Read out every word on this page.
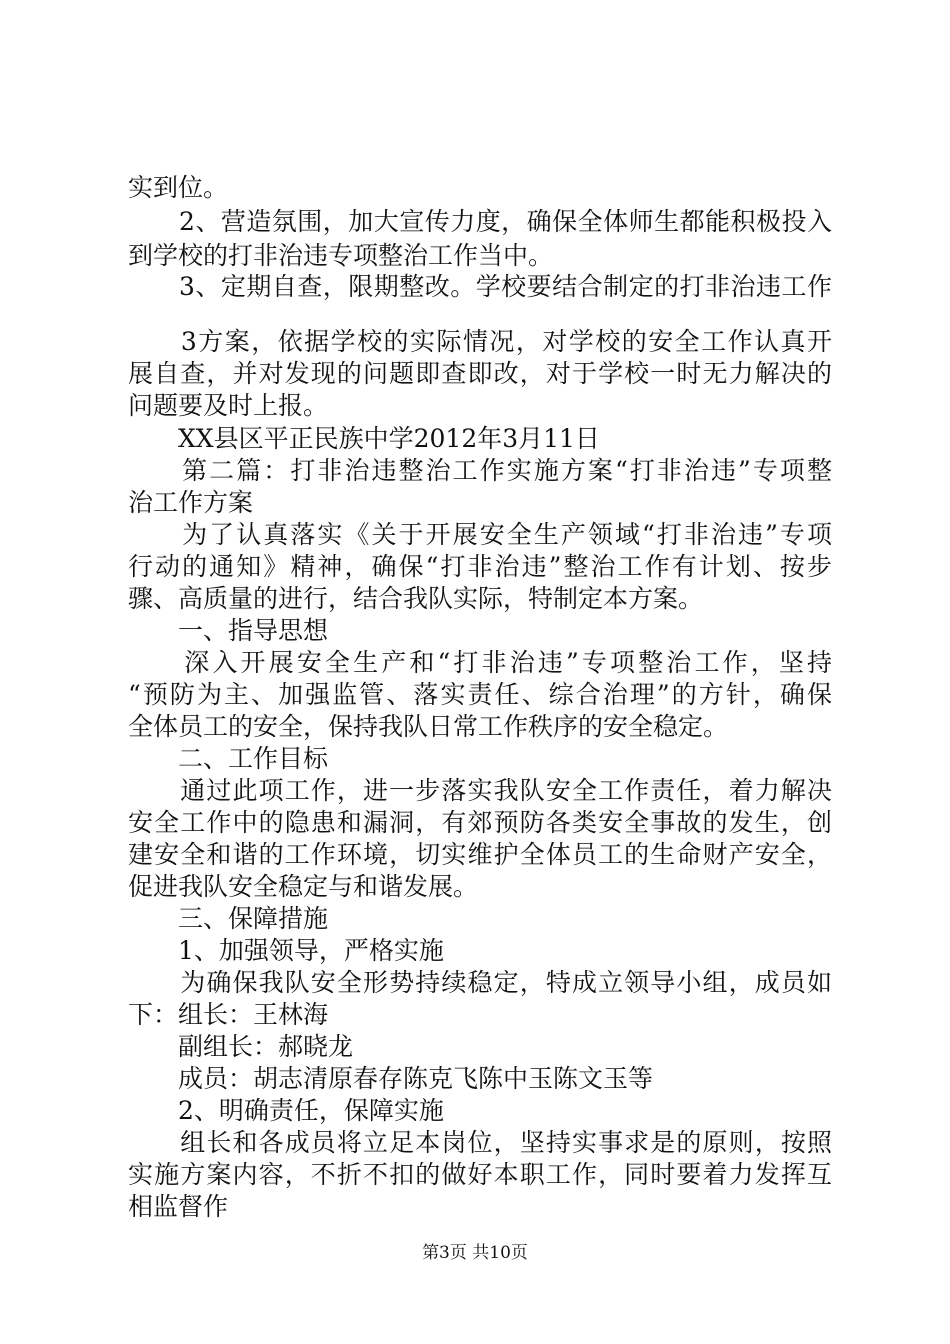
实到位。
　　2、营造氛围，加大宣传力度，确保全体师生都能积极投入
到学校的打非治违专项整治工作当中。
　　3、定期自查，限期整改。学校要结合制定的打非治违工作
　　3方案，依据学校的实际情况，对学校的安全工作认真开
展自查，并对发现的问题即查即改，对于学校一时无力解决的
问题要及时上报。
　　XX县区平正民族中学2012年3月11日
　　第二篇：打非治违整治工作实施方案“打非治违”专项整
治工作方案
　　为了认真落实《关于开展安全生产领域“打非治违”专项
行动的通知》精神，确保“打非治违”整治工作有计划、按步
骤、高质量的进行，结合我队实际，特制定本方案。
　　一、指导思想
　　深入开展安全生产和“打非治违”专项整治工作，坚持
“预防为主、加强监管、落实责任、综合治理”的方针，确保
全体员工的安全，保持我队日常工作秩序的安全稳定。
　　二、工作目标
　　通过此项工作，进一步落实我队安全工作责任，着力解决
安全工作中的隐患和漏洞，有郊预防各类安全事故的发生，创
建安全和谐的工作环境，切实维护全体员工的生命财产安全，
促进我队安全稳定与和谐发展。
　　三、保障措施
　　1、加强领导，严格实施
　　为确保我队安全形势持续稳定，特成立领导小组，成员如
下：组长：王林海
　　副组长：郝晓龙
　　成员：胡志清原春存陈克飞陈中玉陈文玉等
　　2、明确责任，保障实施
　　组长和各成员将立足本岗位，坚持实事求是的原则，按照
实施方案内容，不折不扣的做好本职工作，同时要着力发挥互
相监督作
第3页 共10页
